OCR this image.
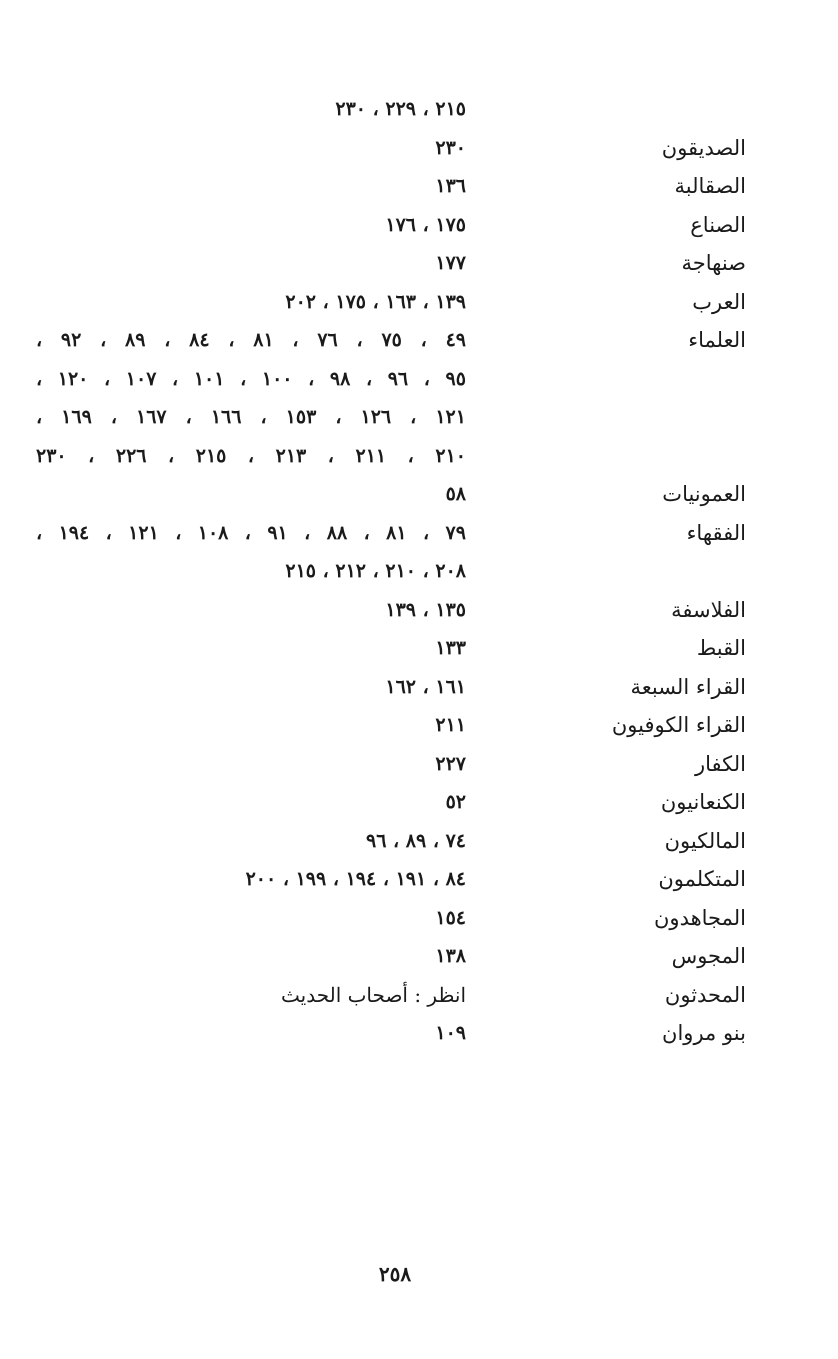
٢١٥ ، ٢٢٩ ، ٢٣٠
الصديقون
٢٣٠
الصقالبة
١٣٦
الصناع
١٧٥ ، ١٧٦
صنهاجة
١٧٧
العرب
١٣٩ ، ١٦٣ ، ١٧٥ ، ٢٠٢
العلماء
٤٩ ، ٧٥ ، ٧٦ ، ٨١ ، ٨٤ ، ٨٩ ، ٩٢ ،
٩٥ ، ٩٦ ، ٩٨ ، ١٠٠ ، ١٠١ ، ١٠٧ ، ١٢٠ ،
١٢١ ، ١٢٦ ، ١٥٣ ، ١٦٦ ، ١٦٧ ، ١٦٩ ،
٢١٠ ، ٢١١ ، ٢١٣ ، ٢١٥ ، ٢٢٦ ، ٢٣٠
العمونيات
٥٨
الفقهاء
٧٩ ، ٨١ ، ٨٨ ، ٩١ ، ١٠٨ ، ١٢١ ، ١٩٤ ،
٢٠٨ ، ٢١٠ ، ٢١٢ ، ٢١٥
الفلاسفة
١٣٥ ، ١٣٩
القبط
١٣٣
القراء السبعة
١٦١ ، ١٦٢
القراء الكوفيون
٢١١
الكفار
٢٢٧
الكنعانيون
٥٢
المالكيون
٧٤ ، ٨٩ ، ٩٦
المتكلمون
٨٤ ، ١٩١ ، ١٩٤ ، ١٩٩ ، ٢٠٠
المجاهدون
١٥٤
المجوس
١٣٨
المحدثون
انظر : أصحاب الحديث
بنو مروان
١٠٩
٢٥٨
